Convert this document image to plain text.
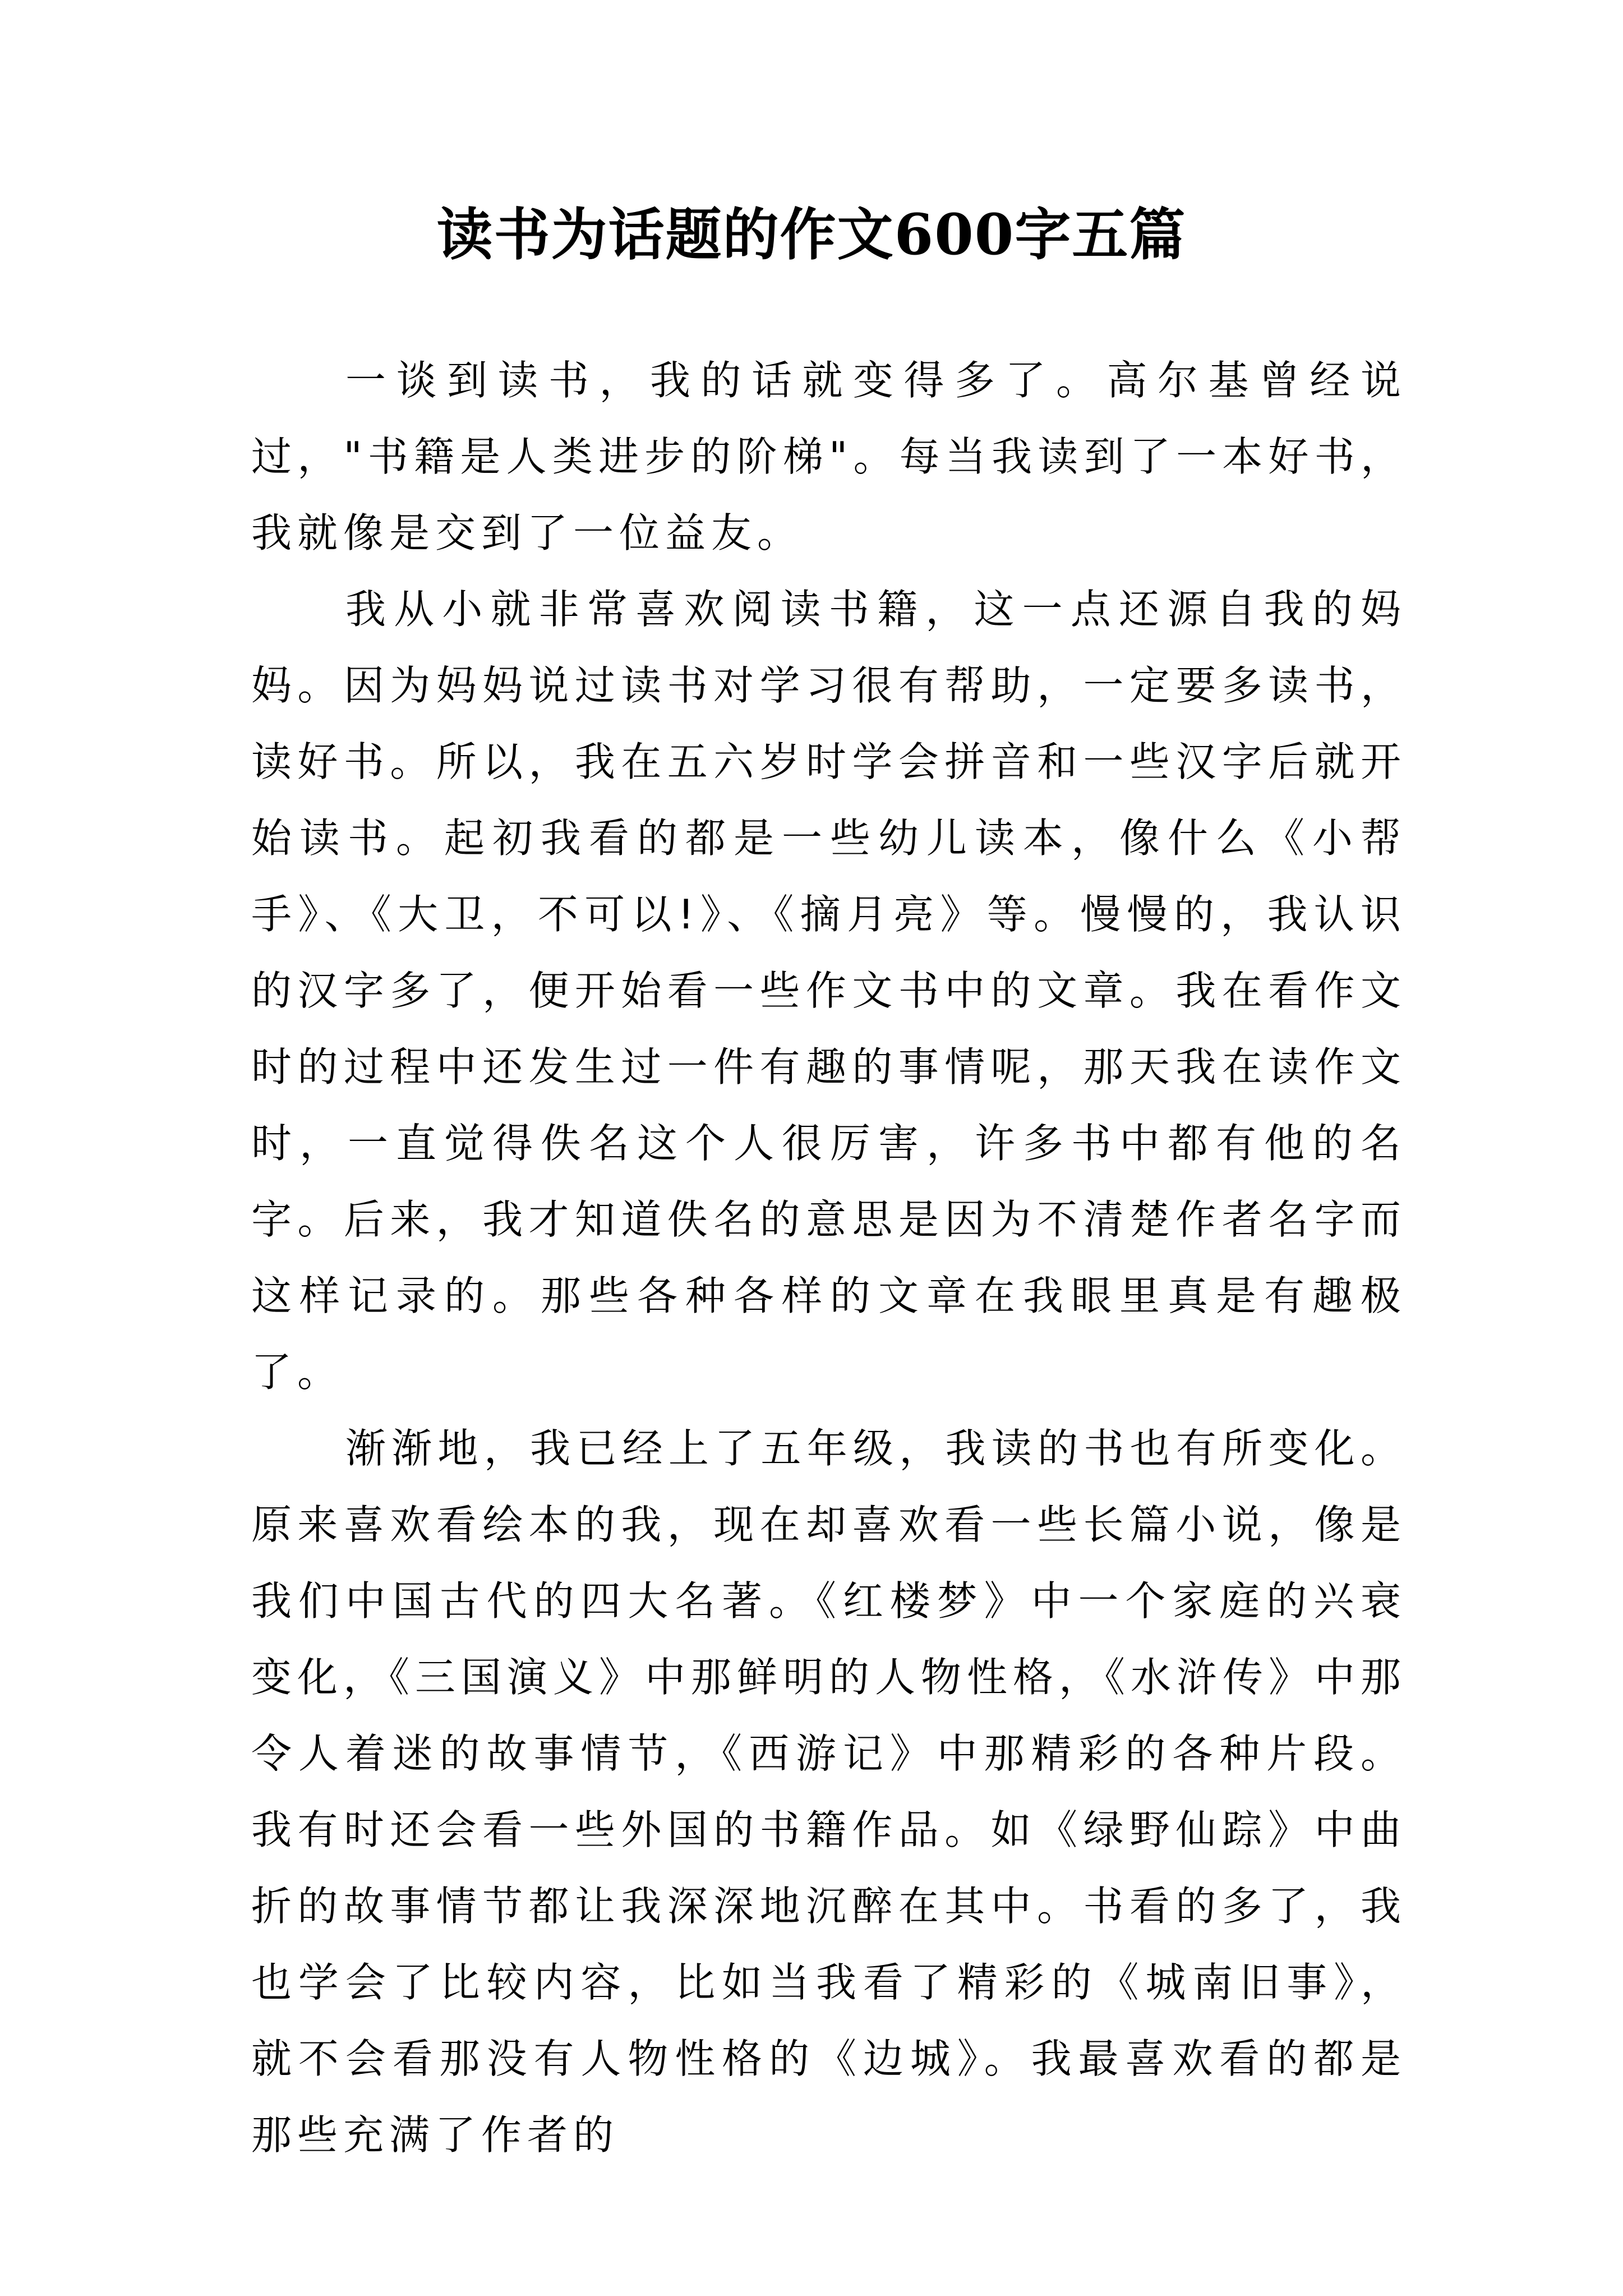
读书为话题的作文600字五篇

一谈到读书，我的话就变得多了。高尔基曾经说过，"书籍是人类进步的阶梯"。每当我读到了一本好书，我就像是交到了一位益友。

我从小就非常喜欢阅读书籍，这一点还源自我的妈妈。因为妈妈说过读书对学习很有帮助，一定要多读书，读好书。所以，我在五六岁时学会拼音和一些汉字后就开始读书。起初我看的都是一些幼儿读本，像什么《小帮手》、《大卫，不可以!》、《摘月亮》等。慢慢的，我认识的汉字多了，便开始看一些作文书中的文章。我在看作文时的过程中还发生过一件有趣的事情呢，那天我在读作文时，一直觉得佚名这个人很厉害，许多书中都有他的名字。后来，我才知道佚名的意思是因为不清楚作者名字而这样记录的。那些各种各样的文章在我眼里真是有趣极了。

渐渐地，我已经上了五年级，我读的书也有所变化。原来喜欢看绘本的我，现在却喜欢看一些长篇小说，像是我们中国古代的四大名著。《红楼梦》中一个家庭的兴衰变化，《三国演义》中那鲜明的人物性格，《水浒传》中那令人着迷的故事情节，《西游记》中那精彩的各种片段。我有时还会看一些外国的书籍作品。如《绿野仙踪》中曲折的故事情节都让我深深地沉醉在其中。书看的多了，我也学会了比较内容，比如当我看了精彩的《城南旧事》，就不会看那没有人物性格的《边城》。我最喜欢看的都是那些充满了作者的
